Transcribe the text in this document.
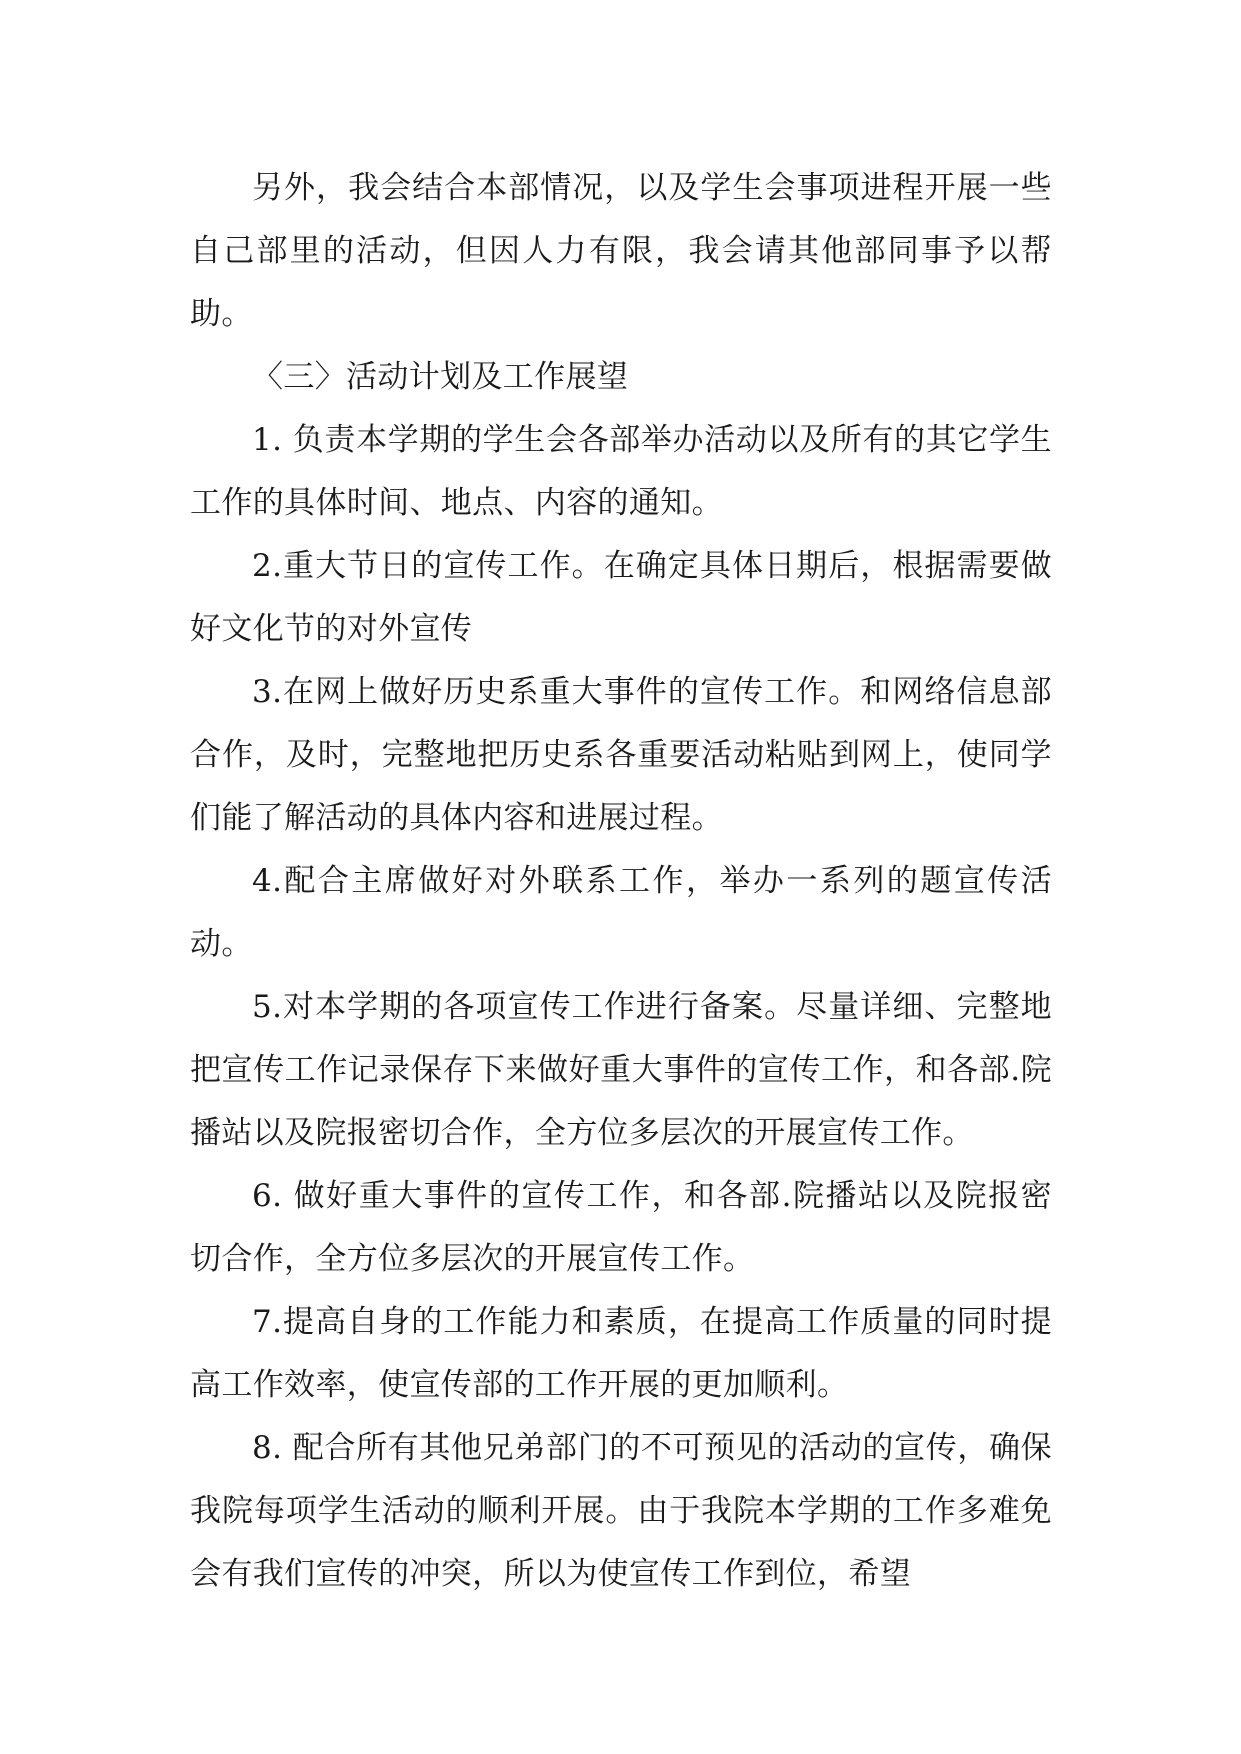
另外，我会结合本部情况，以及学生会事项进程开展一些自己部里的活动，但因人力有限，我会请其他部同事予以帮助。

〈三〉活动计划及工作展望

1. 负责本学期的学生会各部举办活动以及所有的其它学生工作的具体时间、地点、内容的通知。

2.重大节日的宣传工作。在确定具体日期后，根据需要做好文化节的对外宣传

3.在网上做好历史系重大事件的宣传工作。和网络信息部合作，及时，完整地把历史系各重要活动粘贴到网上，使同学们能了解活动的具体内容和进展过程。

4.配合主席做好对外联系工作，举办一系列的题宣传活动。

5.对本学期的各项宣传工作进行备案。尽量详细、完整地把宣传工作记录保存下来做好重大事件的宣传工作，和各部.院播站以及院报密切合作，全方位多层次的开展宣传工作。

6. 做好重大事件的宣传工作，和各部.院播站以及院报密切合作，全方位多层次的开展宣传工作。

7.提高自身的工作能力和素质，在提高工作质量的同时提高工作效率，使宣传部的工作开展的更加顺利。

8. 配合所有其他兄弟部门的不可预见的活动的宣传，确保我院每项学生活动的顺利开展。由于我院本学期的工作多难免会有我们宣传的冲突，所以为使宣传工作到位，希望
